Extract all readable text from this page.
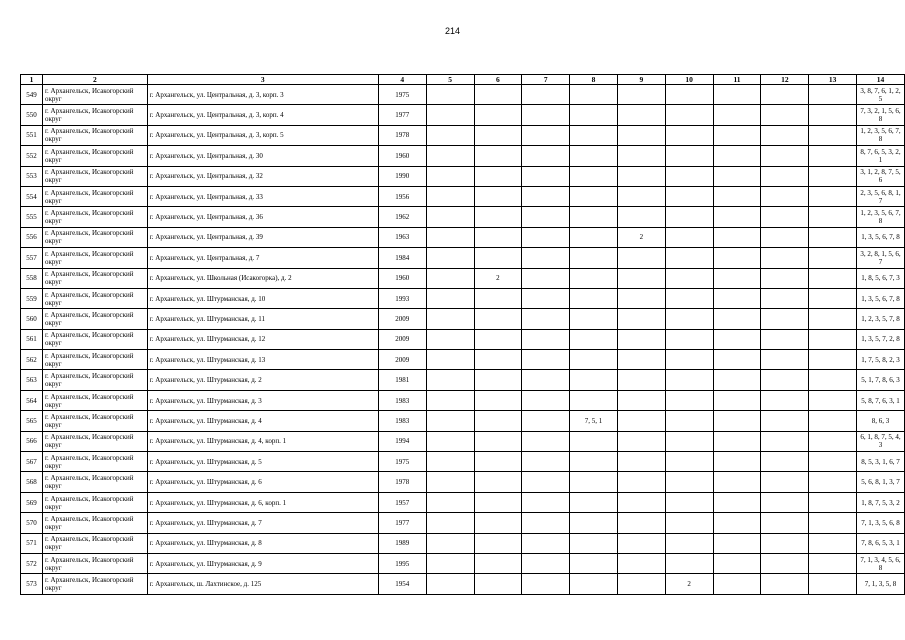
214
1	2	3	4	5	6	7	8	9	10	11	12	13	14
549	г. Архангельск, Исакогорский округ	г. Архангельск, ул. Центральная, д. 3, корп. 3	1975										3, 8, 7, 6, 1, 2, 5
550	г. Архангельск, Исакогорский округ	г. Архангельск, ул. Центральная, д. 3, корп. 4	1977										7, 3, 2, 1, 5, 6, 8
551	г. Архангельск, Исакогорский округ	г. Архангельск, ул. Центральная, д. 3, корп. 5	1978										1, 2, 3, 5, 6, 7, 8
552	г. Архангельск, Исакогорский округ	г. Архангельск, ул. Центральная, д. 30	1960										8, 7, 6, 5, 3, 2, 1
553	г. Архангельск, Исакогорский округ	г. Архангельск, ул. Центральная, д. 32	1990										3, 1, 2, 8, 7, 5, 6
554	г. Архангельск, Исакогорский округ	г. Архангельск, ул. Центральная, д. 33	1956										2, 3, 5, 6, 8, 1, 7
555	г. Архангельск, Исакогорский округ	г. Архангельск, ул. Центральная, д. 36	1962										1, 2, 3, 5, 6, 7, 8
556	г. Архангельск, Исакогорский округ	г. Архангельск, ул. Центральная, д. 39	1963					2					1, 3, 5, 6, 7, 8
557	г. Архангельск, Исакогорский округ	г. Архангельск, ул. Центральная, д. 7	1984										3, 2, 8, 1, 5, 6, 7
558	г. Архангельск, Исакогорский округ	г. Архангельск, ул. Школьная (Исакогорка), д. 2	1960		2								1, 8, 5, 6, 7, 3
559	г. Архангельск, Исакогорский округ	г. Архангельск, ул. Штурманская, д. 10	1993										1, 3, 5, 6, 7, 8
560	г. Архангельск, Исакогорский округ	г. Архангельск, ул. Штурманская, д. 11	2009										1, 2, 3, 5, 7, 8
561	г. Архангельск, Исакогорский округ	г. Архангельск, ул. Штурманская, д. 12	2009										1, 3, 5, 7, 2, 8
562	г. Архангельск, Исакогорский округ	г. Архангельск, ул. Штурманская, д. 13	2009										1, 7, 5, 8, 2, 3
563	г. Архангельск, Исакогорский округ	г. Архангельск, ул. Штурманская, д. 2	1981										5, 1, 7, 8, 6, 3
564	г. Архангельск, Исакогорский округ	г. Архангельск, ул. Штурманская, д. 3	1983										5, 8, 7, 6, 3, 1
565	г. Архангельск, Исакогорский округ	г. Архангельск, ул. Штурманская, д. 4	1983				7, 5, 1						8, 6, 3
566	г. Архангельск, Исакогорский округ	г. Архангельск, ул. Штурманская, д. 4, корп. 1	1994										6, 1, 8, 7, 5, 4, 3
567	г. Архангельск, Исакогорский округ	г. Архангельск, ул. Штурманская, д. 5	1975										8, 5, 3, 1, 6, 7
568	г. Архангельск, Исакогорский округ	г. Архангельск, ул. Штурманская, д. 6	1978										5, 6, 8, 1, 3, 7
569	г. Архангельск, Исакогорский округ	г. Архангельск, ул. Штурманская, д. 6, корп. 1	1957										1, 8, 7, 5, 3, 2
570	г. Архангельск, Исакогорский округ	г. Архангельск, ул. Штурманская, д. 7	1977										7, 1, 3, 5, 6, 8
571	г. Архангельск, Исакогорский округ	г. Архангельск, ул. Штурманская, д. 8	1989										7, 8, 6, 5, 3, 1
572	г. Архангельск, Исакогорский округ	г. Архангельск, ул. Штурманская, д. 9	1995										7, 1, 3, 4, 5, 6, 8
573	г. Архангельск, Исакогорский округ	г. Архангельск, ш. Лахтинское, д. 125	1954						2				7, 1, 3, 5, 8
